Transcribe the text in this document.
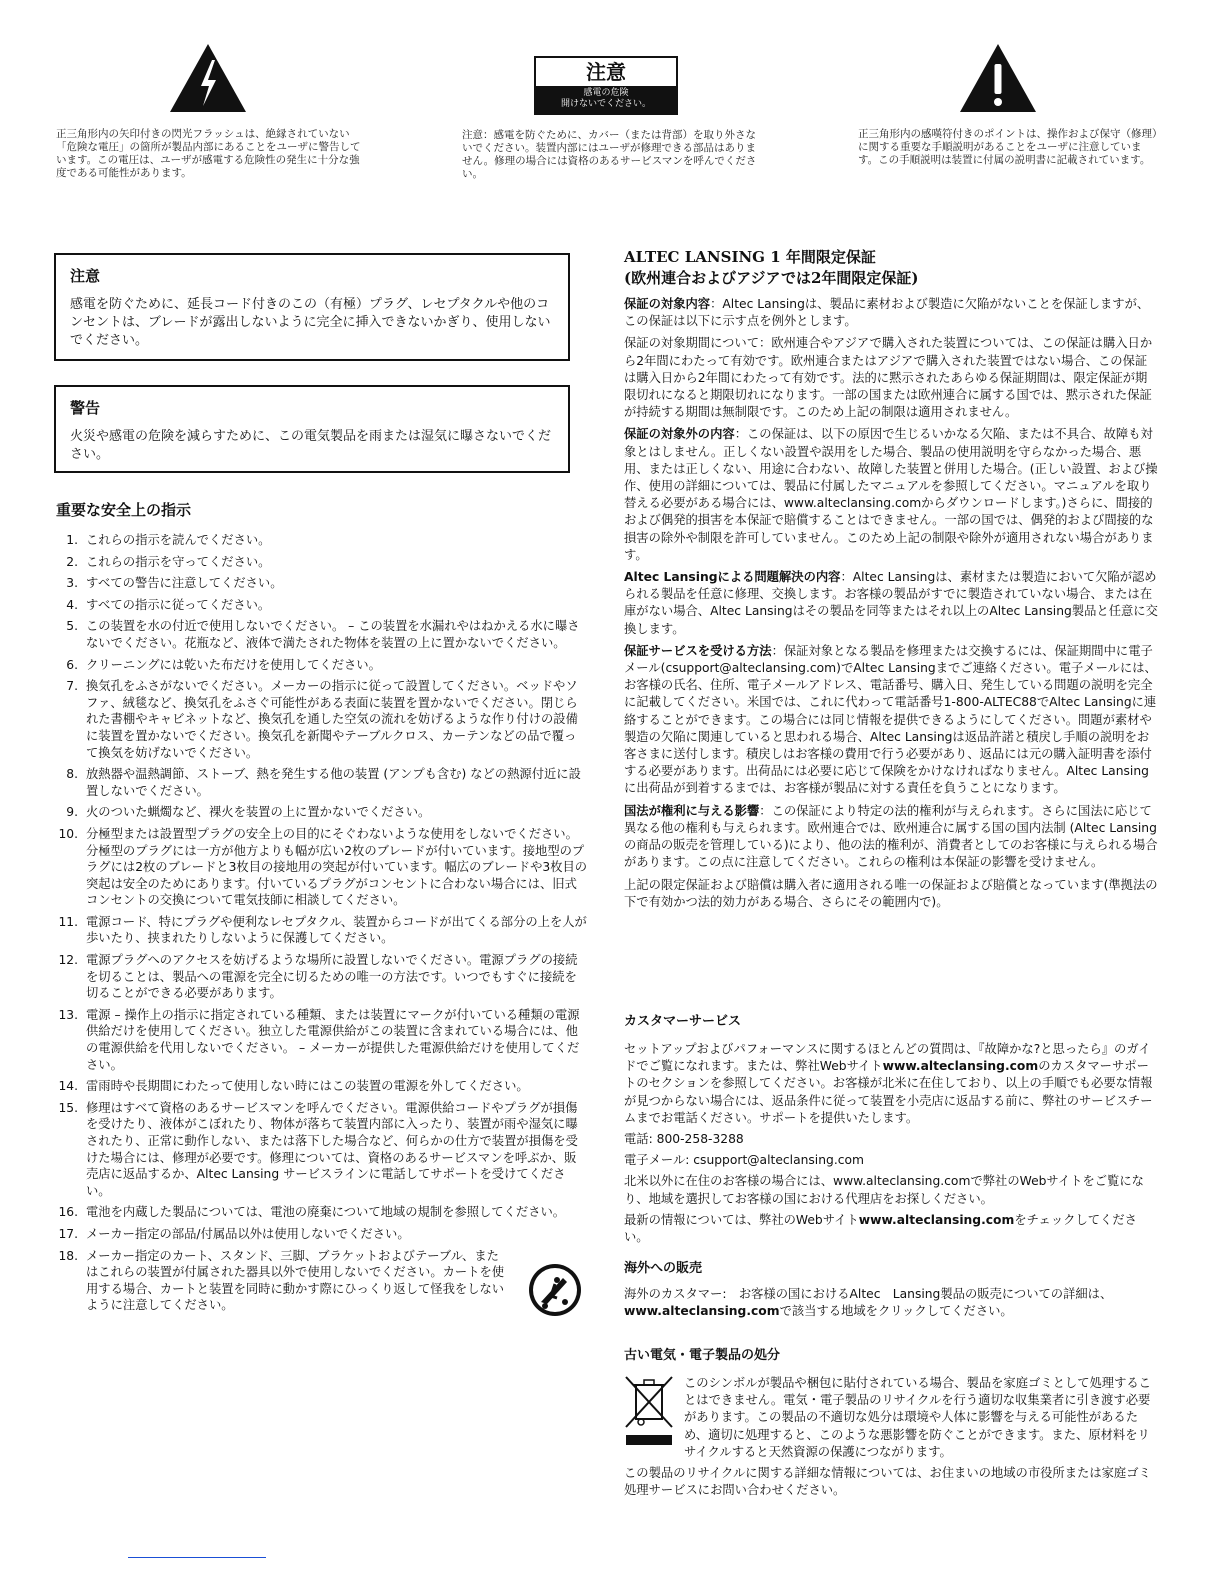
正三角形内の矢印付きの閃光フラッシュは、絶縁されていない「危険な電圧」の箇所が製品内部にあることをユーザに警告しています。この電圧は、ユーザが感電する危険性の発生に十分な強度である可能性があります。
注意
感電の危険
開けないでください。
注意：感電を防ぐために、カバー（または背部）を取り外さないでください。装置内部にはユーザが修理できる部品はありません。修理の場合には資格のあるサービスマンを呼んでください。
正三角形内の感嘆符付きのポイントは、操作および保守（修理）に関する重要な手順説明があることをユーザに注意しています。この手順説明は装置に付属の説明書に記載されています。
注意

感電を防ぐために、延長コード付きのこの（有極）プラグ、レセプタクルや他のコンセントは、ブレードが露出しないように完全に挿入できないかぎり、使用しないでください。

警告

火災や感電の危険を減らすために、この電気製品を雨または湿気に曝さないでください。

重要な安全上の指示
1. これらの指示を読んでください。
2. これらの指示を守ってください。
3. すべての警告に注意してください。
4. すべての指示に従ってください。
5. この装置を水の付近で使用しないでください。 – この装置を水漏れやはねかえる水に曝さないでください。花瓶など、液体で満たされた物体を装置の上に置かないでください。
6. クリーニングには乾いた布だけを使用してください。
7. 換気孔をふさがないでください。メーカーの指示に従って設置してください。ベッドやソファ、絨毯など、換気孔をふさぐ可能性がある表面に装置を置かないでください。閉じられた書棚やキャビネットなど、換気孔を通した空気の流れを妨げるような作り付けの設備に装置を置かないでください。換気孔を新聞やテーブルクロス、カーテンなどの品で覆って換気を妨げないでください。
8. 放熱器や温熱調節、ストーブ、熱を発生する他の装置 (アンプも含む) などの熱源付近に設置しないでください。
9. 火のついた蝋燭など、裸火を装置の上に置かないでください。
10. 分極型または設置型プラグの安全上の目的にそぐわないような使用をしないでください。分極型のプラグには一方が他方よりも幅が広い2枚のブレードが付いています。接地型のプラグには2枚のブレードと3枚目の接地用の突起が付いています。幅広のブレードや3枚目の突起は安全のためにあります。付いているプラグがコンセントに合わない場合には、旧式コンセントの交換について電気技師に相談してください。
11. 電源コード、特にプラグや便利なレセプタクル、装置からコードが出てくる部分の上を人が歩いたり、挟まれたりしないように保護してください。
12. 電源プラグへのアクセスを妨げるような場所に設置しないでください。電源プラグの接続を切ることは、製品への電源を完全に切るための唯一の方法です。いつでもすぐに接続を切ることができる必要があります。
13. 電源 – 操作上の指示に指定されている種類、または装置にマークが付いている種類の電源供給だけを使用してください。独立した電源供給がこの装置に含まれている場合には、他の電源供給を代用しないでください。 – メーカーが提供した電源供給だけを使用してください。
14. 雷雨時や長期間にわたって使用しない時にはこの装置の電源を外してください。
15. 修理はすべて資格のあるサービスマンを呼んでください。電源供給コードやプラグが損傷を受けたり、液体がこぼれたり、物体が落ちて装置内部に入ったり、装置が雨や湿気に曝されたり、正常に動作しない、または落下した場合など、何らかの仕方で装置が損傷を受けた場合には、修理が必要です。修理については、資格のあるサービスマンを呼ぶか、販売店に返品するか、Altec Lansing サービスラインに電話してサポートを受けてください。
16. 電池を内蔵した製品については、電池の廃棄について地域の規制を参照してください。
17. メーカー指定の部品/付属品以外は使用しないでください。
18. メーカー指定のカート、スタンド、三脚、ブラケットおよびテーブル、またはこれらの装置が付属された器具以外で使用しないでください。カートを使用する場合、カートと装置を同時に動かす際にひっくり返して怪我をしないように注意してください。
ALTEC LANSING 1 年間限定保証
(欧州連合およびアジアでは2年間限定保証)

保証の対象内容：Altec Lansingは、製品に素材および製造に欠陥がないことを保証しますが、この保証は以下に示す点を例外とします。

保証の対象期間について：欧州連合やアジアで購入された装置については、この保証は購入日から2年間にわたって有効です。欧州連合またはアジアで購入された装置ではない場合、この保証は購入日から2年間にわたって有効です。法的に黙示されたあらゆる保証期間は、限定保証が期限切れになると期限切れになります。一部の国または欧州連合に属する国では、黙示された保証が持続する期間は無制限です。このため上記の制限は適用されません。

保証の対象外の内容：この保証は、以下の原因で生じるいかなる欠陥、または不具合、故障も対象とはしません。正しくない設置や誤用をした場合、製品の使用説明を守らなかった場合、悪用、または正しくない、用途に合わない、故障した装置と併用した場合。(正しい設置、および操作、使用の詳細については、製品に付属したマニュアルを参照してください。マニュアルを取り替える必要がある場合には、www.alteclansing.comからダウンロードします。)さらに、間接的および偶発的損害を本保証で賠償することはできません。一部の国では、偶発的および間接的な損害の除外や制限を許可していません。このため上記の制限や除外が適用されない場合があります。

Altec Lansingによる問題解決の内容：Altec Lansingは、素材または製造において欠陥が認められる製品を任意に修理、交換します。お客様の製品がすでに製造されていない場合、または在庫がない場合、Altec Lansingはその製品を同等またはそれ以上のAltec Lansing製品と任意に交換します。

保証サービスを受ける方法：保証対象となる製品を修理または交換するには、保証期間中に電子メール(csupport@alteclansing.com)でAltec Lansingまでご連絡ください。電子メールには、お客様の氏名、住所、電子メールアドレス、電話番号、購入日、発生している問題の説明を完全に記載してください。米国では、これに代わって電話番号1-800-ALTEC88でAltec Lansingに連絡することができます。この場合には同じ情報を提供できるようにしてください。問題が素材や製造の欠陥に関連していると思われる場合、Altec Lansingは返品許諾と積戻し手順の説明をお客さまに送付します。積戻しはお客様の費用で行う必要があり、返品には元の購入証明書を添付する必要があります。出荷品には必要に応じて保険をかけなければなりません。Altec Lansingに出荷品が到着するまでは、お客様が製品に対する責任を負うことになります。

国法が権利に与える影響：この保証により特定の法的権利が与えられます。さらに国法に応じて異なる他の権利も与えられます。欧州連合では、欧州連合に属する国の国内法制 (Altec Lansingの商品の販売を管理している)により、他の法的権利が、消費者としてのお客様に与えられる場合があります。この点に注意してください。これらの権利は本保証の影響を受けません。

上記の限定保証および賠償は購入者に適用される唯一の保証および賠償となっています(準拠法の下で有効かつ法的効力がある場合、さらにその範囲内で)。

カスタマーサービス

セットアップおよびパフォーマンスに関するほとんどの質問は、『故障かな?と思ったら』のガイドでご覧になれます。または、弊社Webサイトwww.alteclansing.comのカスタマーサポートのセクションを参照してください。お客様が北米に在住しており、以上の手順でも必要な情報が見つからない場合には、返品条件に従って装置を小売店に返品する前に、弊社のサービスチームまでお電話ください。サポートを提供いたします。

電話: 800-258-3288

電子メール: csupport@alteclansing.com

北米以外に在住のお客様の場合には、www.alteclansing.comで弊社のWebサイトをご覧になり、地域を選択してお客様の国における代理店をお探しください。

最新の情報については、弊社のWebサイトwww.alteclansing.comをチェックしてください。

海外への販売

海外のカスタマー:　お客様の国におけるAltec　Lansing製品の販売についての詳細は、www.alteclansing.comで該当する地域をクリックしてください。

古い電気・電子製品の処分
このシンボルが製品や梱包に貼付されている場合、製品を家庭ゴミとして処理することはできません。電気・電子製品のリサイクルを行う適切な収集業者に引き渡す必要があります。この製品の不適切な処分は環境や人体に影響を与える可能性があるため、適切に処理すると、このような悪影響を防ぐことができます。また、原材料をリサイクルすると天然資源の保護につながります。
この製品のリサイクルに関する詳細な情報については、お住まいの地域の市役所または家庭ゴミ処理サービスにお問い合わせください。
